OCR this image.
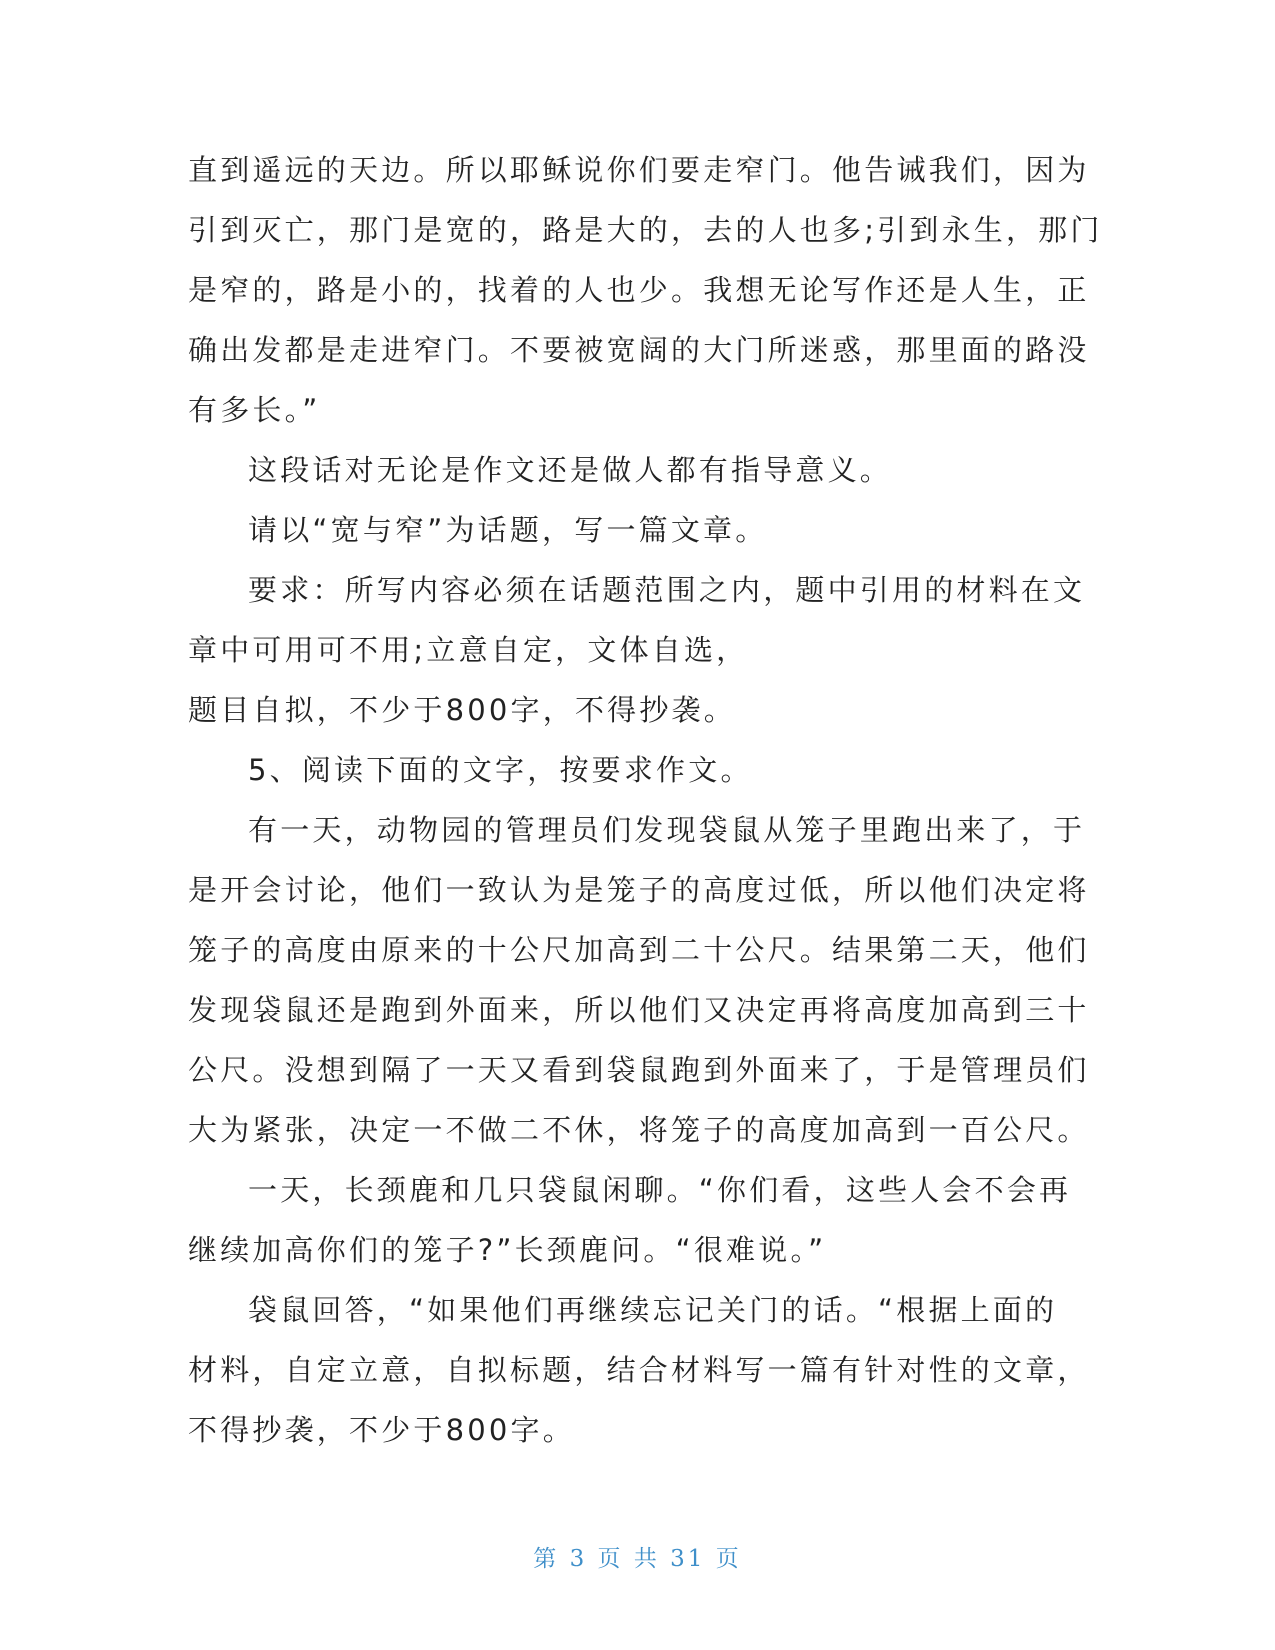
直到遥远的天边。所以耶稣说你们要走窄门。他告诫我们，因为
引到灭亡，那门是宽的，路是大的，去的人也多;引到永生，那门
是窄的，路是小的，找着的人也少。我想无论写作还是人生，正
确出发都是走进窄门。不要被宽阔的大门所迷惑，那里面的路没
有多长。”
这段话对无论是作文还是做人都有指导意义。
请以“宽与窄”为话题，写一篇文章。
要求：所写内容必须在话题范围之内，题中引用的材料在文
章中可用可不用;立意自定，文体自选，
题目自拟，不少于800字，不得抄袭。
5、阅读下面的文字，按要求作文。
有一天，动物园的管理员们发现袋鼠从笼子里跑出来了，于
是开会讨论，他们一致认为是笼子的高度过低，所以他们决定将
笼子的高度由原来的十公尺加高到二十公尺。结果第二天，他们
发现袋鼠还是跑到外面来，所以他们又决定再将高度加高到三十
公尺。没想到隔了一天又看到袋鼠跑到外面来了，于是管理员们
大为紧张，决定一不做二不休，将笼子的高度加高到一百公尺。
一天，长颈鹿和几只袋鼠闲聊。“你们看，这些人会不会再
继续加高你们的笼子?”长颈鹿问。“很难说。”
袋鼠回答，“如果他们再继续忘记关门的话。“根据上面的
材料，自定立意，自拟标题，结合材料写一篇有针对性的文章，
不得抄袭，不少于800字。
第 3 页 共 31 页
